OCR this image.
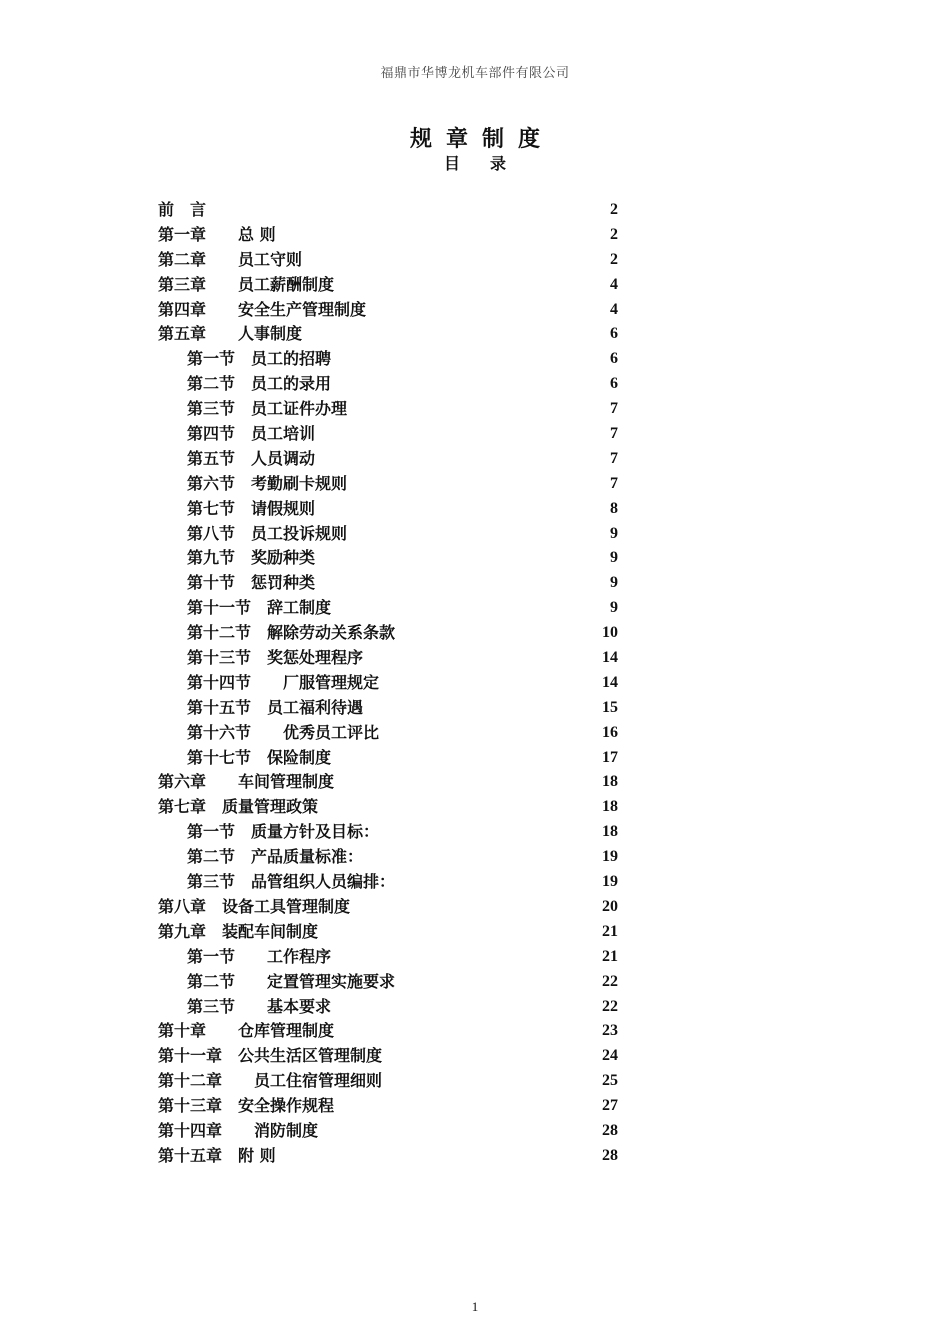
福鼎市华博龙机车部件有限公司
规章制度
目录
前　言	2
第一章　　总 则	2
第二章　　员工守则	2
第三章　　员工薪酬制度	4
第四章　　安全生产管理制度	4
第五章　　人事制度	6
第一节　员工的招聘	6
第二节　员工的录用	6
第三节　员工证件办理	7
第四节　员工培训	7
第五节　人员调动	7
第六节　考勤刷卡规则	7
第七节　请假规则	8
第八节　员工投诉规则	9
第九节　奖励种类	9
第十节　惩罚种类	9
第十一节　辞工制度	9
第十二节　解除劳动关系条款	10
第十三节　奖惩处理程序	14
第十四节　　厂服管理规定	14
第十五节　员工福利待遇	15
第十六节　　优秀员工评比	16
第十七节　保险制度	17
第六章　　车间管理制度	18
第七章　质量管理政策	18
第一节　质量方针及目标：	18
第二节　产品质量标准：	19
第三节　品管组织人员编排：	19
第八章　设备工具管理制度	20
第九章　装配车间制度	21
第一节　　工作程序	21
第二节　　定置管理实施要求	22
第三节　　基本要求	22
第十章　　仓库管理制度	23
第十一章　公共生活区管理制度	24
第十二章　　员工住宿管理细则	25
第十三章　安全操作规程	27
第十四章　　消防制度	28
第十五章　附 则	28
1
